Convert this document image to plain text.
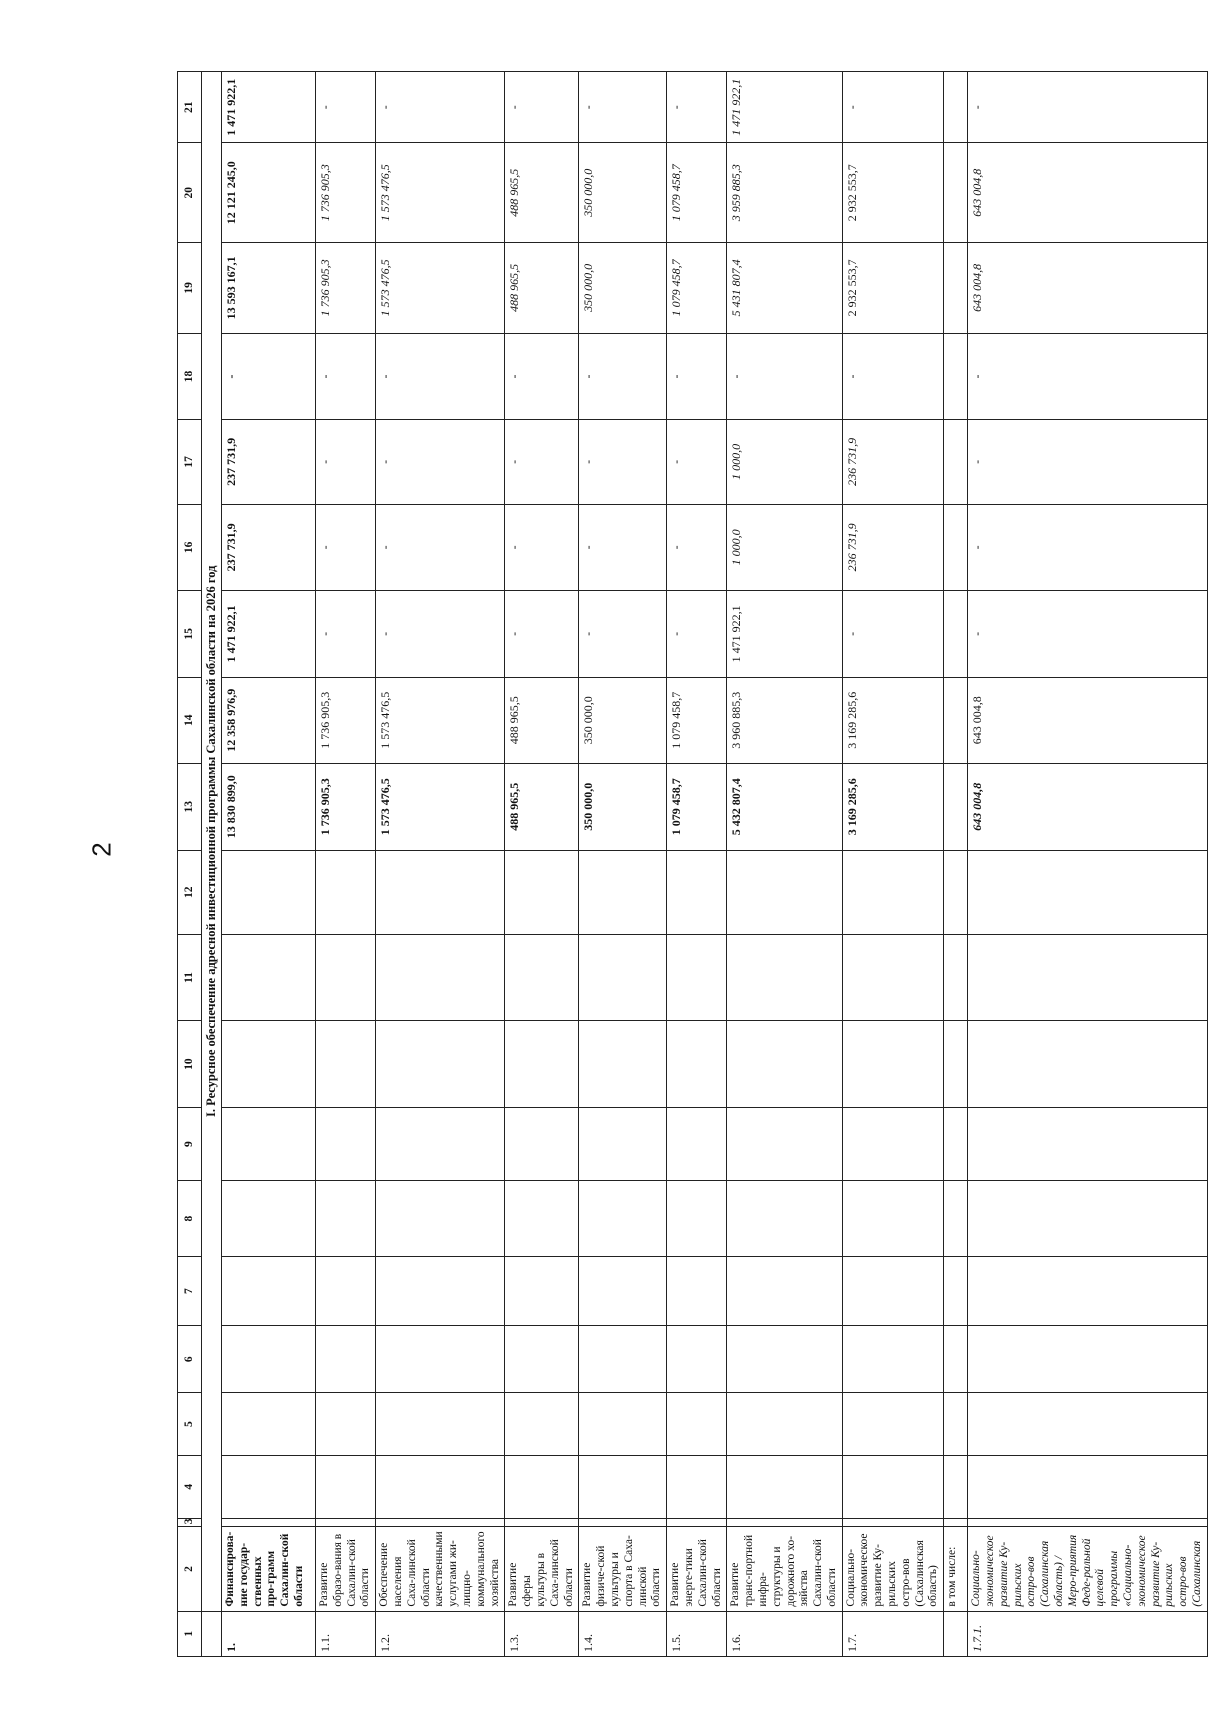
2
1	2	3	4	5	6	7	8	9	10	11	12	13	14	15	16	17	18	19	20	21
	I. Ресурсное обеспечение адресной инвестиционной программы Сахалинской области на 2026 год																			
1.	Финансирова-ние государ-ственных про-грамм Сахалин-ской области											13 830 899,0	12 358 976,9	1 471 922,1	237 731,9	237 731,9	-	13 593 167,1	12 121 245,0	1 471 922,1
1.1.	Развитие образо-вания в Сахалин-ской области											1 736 905,3	1 736 905,3	-	-	-	-	1 736 905,3	1 736 905,3	-
1.2.	Обеспечение населения Саха-линской области качественными услугами жи-лищно-коммунального хозяйства											1 573 476,5	1 573 476,5	-	-	-	-	1 573 476,5	1 573 476,5	-
1.3.	Развитие сферы культуры в Саха-линской области											488 965,5	488 965,5	-	-	-	-	488 965,5	488 965,5	-
1.4.	Развитие физиче-ской культуры и спорта в Саха-линской области											350 000,0	350 000,0	-	-	-	-	350 000,0	350 000,0	-
1.5.	Развитие энерге-тики Сахалин-ской области											1 079 458,7	1 079 458,7	-	-	-	-	1 079 458,7	1 079 458,7	-
1.6.	Развитие транс-портной инфра-структуры и дорожного хо-зяйства Сахалин-ской области											5 432 807,4	3 960 885,3	1 471 922,1	1 000,0	1 000,0	-	5 431 807,4	3 959 885,3	1 471 922,1
1.7.	Социально-экономическое развитие Ку-рильских остро-вов (Сахалинская область)											3 169 285,6	3 169 285,6	-	236 731,9	236 731,9	-	2 932 553,7	2 932 553,7	-
	в том числе:																			
1.7.1.	Социально-экономическое развитие Ку-рильских остро-вов (Сахалинская область) / Меро-приятия Феде-ральной целевой программы «Социально-экономическое развитие Ку-рильских остро-вов (Сахалинская											643 004,8	643 004,8	-	-	-	-	643 004,8	643 004,8	-
